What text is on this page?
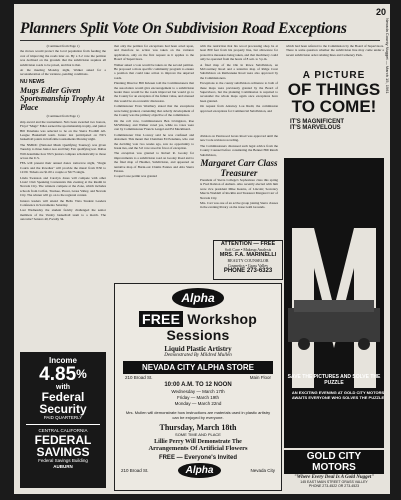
20
Nevada County Nugget — March 15, 1961
Planners Split Vote On Subdivision Road Exceptions

(Continued from Page 1)

the moves would protect the local population from feeding the cost of improving the roads later on. By a 3-2 vote the petition was declined on the grounds that the subdivision requires all subdivision roads to be paved, and that is that.

At the meeting Monday night, Walker asked for a reconsideration of the variance, pending conditions.

NU NEWS
Mugs Edler Given Sportsmanship Trophy At Place

(Continued from Page 1)

ship award and the tournament. Nu's been awarded two honors, Floyd "Mugs" Edler earned the sportsmanship trophy, and junior Bill Penaluna was selected to be on the Sierra Foothill All-League Basketball team. Junior last participated on NU's basketball points in half-time tournaments Monday night.

The NMIOC (National Mush Qualifying Tourney) was given Tuesday to three Junior Ace and Duty Fair qualifying test. Dallas Will determine how NU's juniors compare scholastically to those across the U.S.

FFA will present their annual dance tomorrow night, "Jingle Courts and the Rowdies" will provide the music from 8:30 to 12:00. Tickets are $1.00 a couple or $0.75 single.

Linda Swanson and Carolyn Jones will compete with other Lions' Club Speaking Contestants this evening at the Realm in Nevada City. The winners compete at the Zone, which includes schools from Colfax, Truckee, Placer, Grass Valley, and Nevada City. The winner will go on to the regional contest.

Juniors leaders will attend the Bella Vista Student Leaders Conference in Sacramento Saturday.

Last Wednesday the student faculty challenged the senior members of the Varsity basketball team to a match. The outcome? Seniors 40, Faculty 34.

Income
4.85%
with
Federal
Security
PAID QUARTERLY
CENTRAL CALIFORNIA
FEDERAL
SAVINGS
Federal Savings Building
AUBURN

that only the petition for exceptions had been acted upon, and therefore no action was taken on the variance application, only on the first request as it applies to the Board of Supervisors.

Walker asked a vote would be taken on the second petition. He proposed a more specific community program to ensure a position that could take action to improve the unpaved roads.

Planning Director Bill Kriesen told the Commissioners that the association would give encouragement to a subdivision leader there would be the roads improved but would go to the County for an exception of the fullest value, and stressed this would be an economic discussion.

Commissioner Evan Westbury stated that the exceptions were being granted, contending that orderly development of the County was the primary objective of the commission.

On the roll vote, Commissioners Ben Livingston, Roe McWhinney, and Walker voted yes, while no votes were cast by Commissioner Francis Lengel and Ed Mecklinard.

Commissioner Don Lowrey said he was confused and abstained. This meant that Chairman Ed Penaluna, who cast the deciding vote two weeks ago, saw no opportunity to break ties, and the 3-0 vote stood in favor of exception.

The exception was granted to Robert R. Gooley for improvements to a subdivision road on Gooley Road and to the final map of Heather, Subdivision, and appeared on tentative map of Burnt-out Claims Estates and Alta Sierra Estates.

Cooper's use permit was granted

with the restriction that his wood processing shop be at least 800 feet from his property line, but allowance for protective measures being taken, and that machinery could only be operated from the hours of 8 a.m. to 5 p.m.

A final map of the Ole in Rowe Subdivision, an McCourtney Road and a tentative map of Ridge Crest Subdivision on Rattlesnake Road were also approved by the Commissioners.

Exceptions to the county subdivision ordinance to both of these maps were previously granted by the Board of Supervisors, but the planning Commission is required to reconsider the whole maps again once exceptions have been granted.

On request from Attorney Lou Rudd, the commission approved exceptions for Commercial Subdivision, and

division on Pennwood Grass Road was approved until the new Code revision recording.

The Commissioners discussed such legal advice from the County Counsel before considering the Bennet Hill Ranch Subdivision,

Margaret Carr Class Treasurer

President of Sierra College's Sophomore class this spring is Fred Ralston of Auburn. Also recently elected with him were vice president Mike Kearns, of Lincoln; Secretary Marcia Waddell of Rocklin and Treasurer Margaret Carr of Nevada City.

Mrs. Carr was one of an active group joining Sierra classes in the evening library on the Jesse Galli Grounds.

which had been referred to the Commission by the Board of Supervisors. There is some question whether the subdivision line may come under a recent subdivision order relating lines and Cemetery Park.

ATTENTION — FREE
Soft Care • Makeup Analysis
MRS. F.A. MARINELLI
BEAUTY COUNSELOR
Cosmetics • Grass Valley
PHONE 273-6323
Alpha
FREE Workshop Sessions
Liquid Plastic Artistry
Demonstrated By Mildred Mullen
NEVADA CITY ALPHA STORE
210 Broad St.	Main Floor
10:00 A.M. TO 12 NOON
Wednesday — March 17th
Friday — March 19th
Monday — March 22nd
Mrs. Mullen will demonstrate how instructions are materials used in plastic artistry can be enjoyed by everyone.
Thursday, March 18th
SOME TIME AND PLACE
Lillie Perry Will Demonstrate The
Arrangements Of Artificial Flowers
FREE — Everyone's Invited
210 Broad St.	Alpha	Nevada City
A PICTURE
OF THINGS
TO COME!
IT'S MAGNIFICENT
IT'S MARVELOUS
SAVE THE PICTURES AND SOLVE THE PUZZLE
AN EXCITING EVENING AT GOLD CITY MOTORS AWAITS EVERYONE WHO SOLVES THE PUZZLE
GOLD CITY MOTORS
"Where Every Deal Is A Gold Nugget"
145 EAST MAIN STREET GRASS VALLEY
PHONE 273-4522 OR 273-4523
